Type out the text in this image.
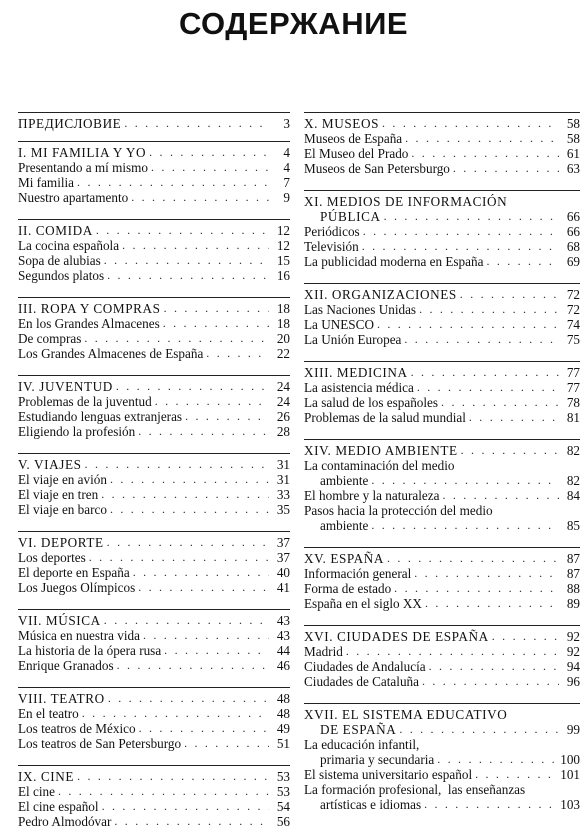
СОДЕРЖАНИЕ
ПРЕДИСЛОВИЕ . . .	3
I. MI FAMILIA Y YO . . .	4
Presentando a mí mismo . . .	4
Mi familia . . .	7
Nuestro apartamento . . .	9
II. COMIDA . . .	12
La cocina española . . .	12
Sopa de alubias . . .	15
Segundos platos . . .	16
III. ROPA Y COMPRAS . . .	18
En los Grandes Almacenes . . .	18
De compras . . .	20
Los Grandes Almacenes de España . . .	22
IV. JUVENTUD . . .	24
Problemas de la juventud . . .	24
Estudiando lenguas extranjeras . . .	26
Eligiendo la profesión . . .	28
V. VIAJES . . .	31
El viaje en avión . . .	31
El viaje en tren . . .	33
El viaje en barco . . .	35
VI. DEPORTE . . .	37
Los deportes . . .	37
El deporte en España . . .	40
Los Juegos Olímpicos . . .	41
VII. MÚSICA . . .	43
Música en nuestra vida . . .	43
La historia de la ópera rusa . . .	44
Enrique Granados . . .	46
VIII. TEATRO . . .	48
En el teatro . . .	48
Los teatros de México . . .	49
Los teatros de San Petersburgo . . .	51
IX. CINE . . .	53
El cine . . .	53
El cine español . . .	54
Pedro Almodóvar . . .	56
X. MUSEOS . . .	58
Museos de España . . .	58
El Museo del Prado . . .	61
Museos de San Petersburgo . . .	63
XI. MEDIOS DE INFORMACIÓN
PÚBLICA . . .	66
Periódicos . . .	66
Televisión . . .	68
La publicidad moderna en España . . .	69
XII. ORGANIZACIONES . . .	72
Las Naciones Unidas . . .	72
La UNESCO . . .	74
La Unión Europea . . .	75
XIII. MEDICINA . . .	77
La asistencia médica . . .	77
La salud de los españoles . . .	78
Problemas de la salud mundial . . .	81
XIV. MEDIO AMBIENTE . . .	82
La contaminación del medio
ambiente . . .	82
El hombre y la naturaleza . . .	84
Pasos hacia la protección del medio
ambiente . . .	85
XV. ESPAÑA . . .	87
Información general . . .	87
Forma de estado . . .	88
España en el siglo XX . . .	89
XVI. CIUDADES DE ESPAÑA . . .	92
Madrid . . .	92
Ciudades de Andalucía . . .	94
Ciudades de Cataluña . . .	96
XVII. EL SISTEMA EDUCATIVO
DE ESPAÑA . . .	99
La educación infantil,
primaria y secundaria . . .	100
El sistema universitario español . . .	101
La formación profesional,  las enseñanzas
artísticas e idiomas . . .	103
